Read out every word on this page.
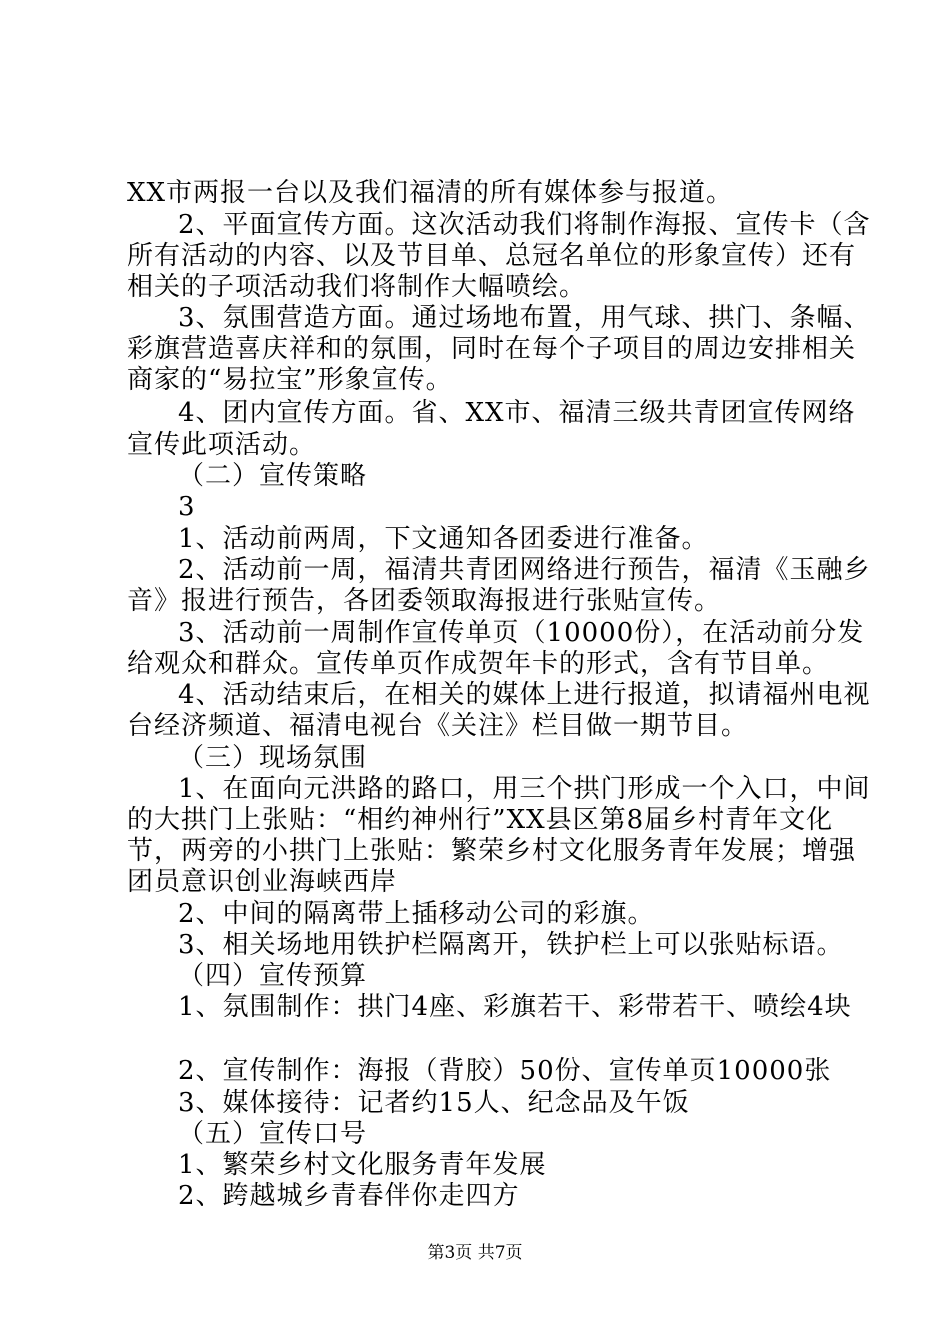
XX市两报一台以及我们福清的所有媒体参与报道。
2、平面宣传方面。这次活动我们将制作海报、宣传卡（含
所有活动的内容、以及节目单、总冠名单位的形象宣传）还有
相关的子项活动我们将制作大幅喷绘。
3、氛围营造方面。通过场地布置，用气球、拱门、条幅、
彩旗营造喜庆祥和的氛围，同时在每个子项目的周边安排相关
商家的“易拉宝”形象宣传。
4、团内宣传方面。省、XX市、福清三级共青团宣传网络
宣传此项活动。
（二）宣传策略
3
1、活动前两周，下文通知各团委进行准备。
2、活动前一周，福清共青团网络进行预告，福清《玉融乡
音》报进行预告，各团委领取海报进行张贴宣传。
3、活动前一周制作宣传单页（10000份），在活动前分发
给观众和群众。宣传单页作成贺年卡的形式，含有节目单。
4、活动结束后，在相关的媒体上进行报道，拟请福州电视
台经济频道、福清电视台《关注》栏目做一期节目。
（三）现场氛围
1、在面向元洪路的路口，用三个拱门形成一个入口，中间
的大拱门上张贴：“相约神州行”XX县区第8届乡村青年文化
节，两旁的小拱门上张贴：繁荣乡村文化服务青年发展；增强
团员意识创业海峡西岸
2、中间的隔离带上插移动公司的彩旗。
3、相关场地用铁护栏隔离开，铁护栏上可以张贴标语。
（四）宣传预算
1、氛围制作：拱门4座、彩旗若干、彩带若干、喷绘4块
2、宣传制作：海报（背胶）50份、宣传单页10000张
3、媒体接待：记者约15人、纪念品及午饭
（五）宣传口号
1、繁荣乡村文化服务青年发展
2、跨越城乡青春伴你走四方
第3页 共7页
